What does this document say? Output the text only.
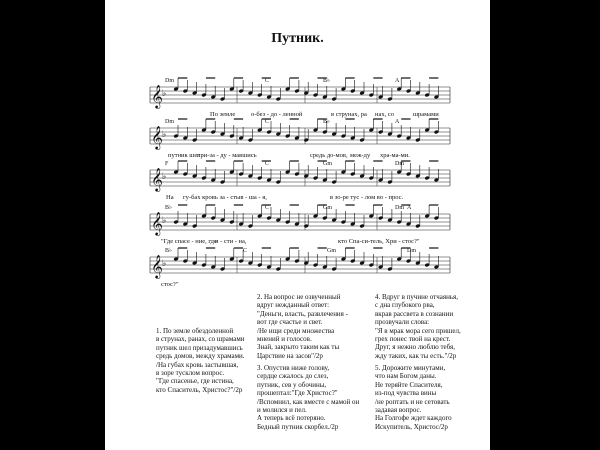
Путник.
𝄞 ♭
Dm	C	B♭	A
По земле о-без - до - ленной	в струнах, ра нах, со	шрамами
𝄞 ♭
Dm	C	B♭	A
путник шел
при-за - ду - мавшись	средь до-мов, меж-ду хра-ма-ми.
𝄞 ♭
F	C	Gm	Dm
На гу-бах кровь за - стыв - ша - я,	в зо-ре тус - лом во - прос.
𝄞 ♭
B♭	C	Gm	Dm A
"Где спасе - ние, где
и - сти - на,	кто Спа-си-тель, Хри - стос?"
𝄞 ♭
B♭	C	Gm	Dm
стос?"
1. По земле обездоленной
в струнах, ранах, со шрамами
путник шел призадумавшись
средь домов, между храмами.
/На губах кровь застывшая,
в зоре тусклом вопрос.
"Где спасенье, где истина,
кто Спаситель, Христос?"/2р
2. На вопрос не озвученный
вдруг нежданный ответ:
"Деньги, власть, развлечения -
вот где счастье и свет.
/Не ищи среди множества
мнений и голосов.
Знай, закрыто таким как ты
Царствие на засов"/2р
3. Опустив ниже голову,
сердце сжалось до слез,
путник, сев у обочины,
прошептал:"Где Христос?"
/Вспомнил, как вместе с мамой он
и молился и пел.
А теперь всё потеряно.
Бедный путник скорбел./2р
4. Вдруг в пучине отчаянья,
с дна глубокого рва,
вкрав рассвета в сознании
прозвучали слова:
"Я в мрак мора сего пришел,
грех понес твой на крест.
Друг, я нежно люблю тебя,
жду таких, как ты есть."/2р
5. Дорожите минутами,
что нам Богом даны.
Не теряйте Спасителя,
из-под чувства вины
/не роптать и не сетовать
задавая вопрос.
На Голгофе ждет каждого
Искупитель, Христос/2р
